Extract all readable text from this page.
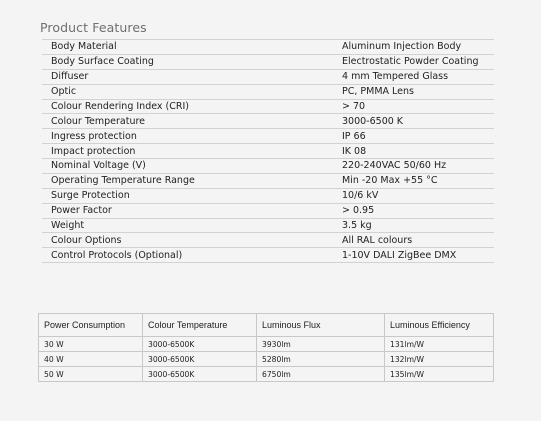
Product Features
Body Material	Aluminum Injection Body
Body Surface Coating	Electrostatic Powder Coating
Diffuser	4 mm Tempered Glass
Optic	PC, PMMA Lens
Colour Rendering Index (CRI)	> 70
Colour Temperature	3000-6500 K
Ingress protection	IP 66
Impact protection	IK 08
Nominal Voltage (V)	220-240VAC 50/60 Hz
Operating Temperature Range	Min -20 Max +55 °C
Surge Protection	10/6 kV
Power Factor	> 0.95
Weight	3.5 kg
Colour Options	All RAL colours
Control Protocols (Optional)	1-10V DALI ZigBee DMX
Power Consumption	Colour Temperature	Luminous Flux	Luminous Efficiency
30 W	3000-6500K	3930lm	131lm/W
40 W	3000-6500K	5280lm	132lm/W
50 W	3000-6500K	6750lm	135lm/W
